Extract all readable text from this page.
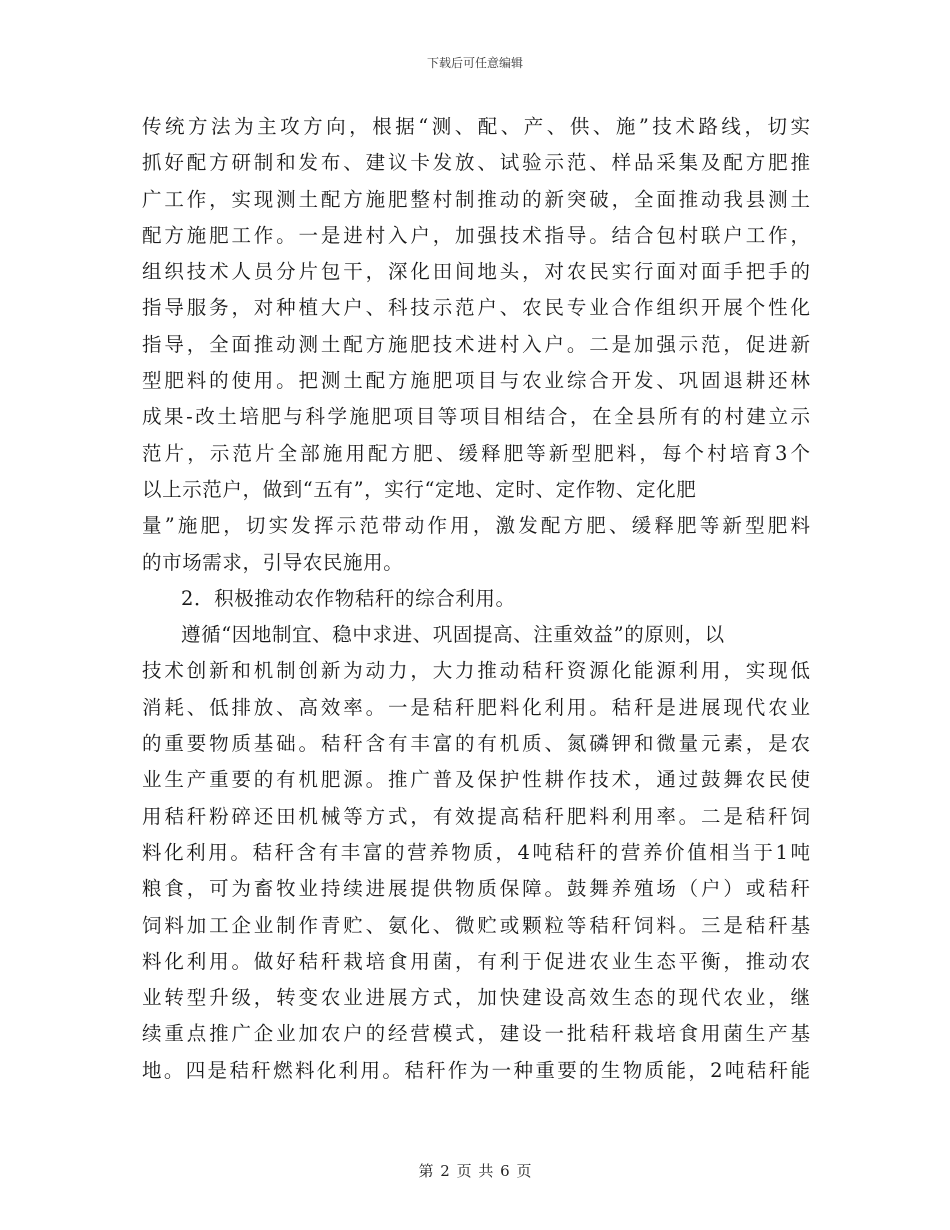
下载后可任意编辑
传统方法为主攻方向，根据“测、配、产、供、施”技术路线，切实
抓好配方研制和发布、建议卡发放、试验示范、样品采集及配方肥推
广工作，实现测土配方施肥整村制推动的新突破，全面推动我县测土
配方施肥工作。一是进村入户，加强技术指导。结合包村联户工作，
组织技术人员分片包干，深化田间地头，对农民实行面对面手把手的
指导服务，对种植大户、科技示范户、农民专业合作组织开展个性化
指导，全面推动测土配方施肥技术进村入户。二是加强示范，促进新
型肥料的使用。把测土配方施肥项目与农业综合开发、巩固退耕还林
成果-改土培肥与科学施肥项目等项目相结合，在全县所有的村建立示
范片，示范片全部施用配方肥、缓释肥等新型肥料，每个村培育3个
以上示范户，做到“五有”，实行“定地、定时、定作物、定化肥
量”施肥，切实发挥示范带动作用，激发配方肥、缓释肥等新型肥料
的市场需求，引导农民施用。
2．积极推动农作物秸秆的综合利用。
遵循“因地制宜、稳中求进、巩固提高、注重效益”的原则，以
技术创新和机制创新为动力，大力推动秸秆资源化能源利用，实现低
消耗、低排放、高效率。一是秸秆肥料化利用。秸秆是进展现代农业
的重要物质基础。秸秆含有丰富的有机质、氮磷钾和微量元素，是农
业生产重要的有机肥源。推广普及保护性耕作技术，通过鼓舞农民使
用秸秆粉碎还田机械等方式，有效提高秸秆肥料利用率。二是秸秆饲
料化利用。秸秆含有丰富的营养物质，4吨秸秆的营养价值相当于1吨
粮食，可为畜牧业持续进展提供物质保障。鼓舞养殖场（户）或秸秆
饲料加工企业制作青贮、氨化、微贮或颗粒等秸秆饲料。三是秸秆基
料化利用。做好秸秆栽培食用菌，有利于促进农业生态平衡，推动农
业转型升级，转变农业进展方式，加快建设高效生态的现代农业，继
续重点推广企业加农户的经营模式，建设一批秸秆栽培食用菌生产基
地。四是秸秆燃料化利用。秸秆作为一种重要的生物质能，2吨秸秆能
第 2 页 共 6 页
